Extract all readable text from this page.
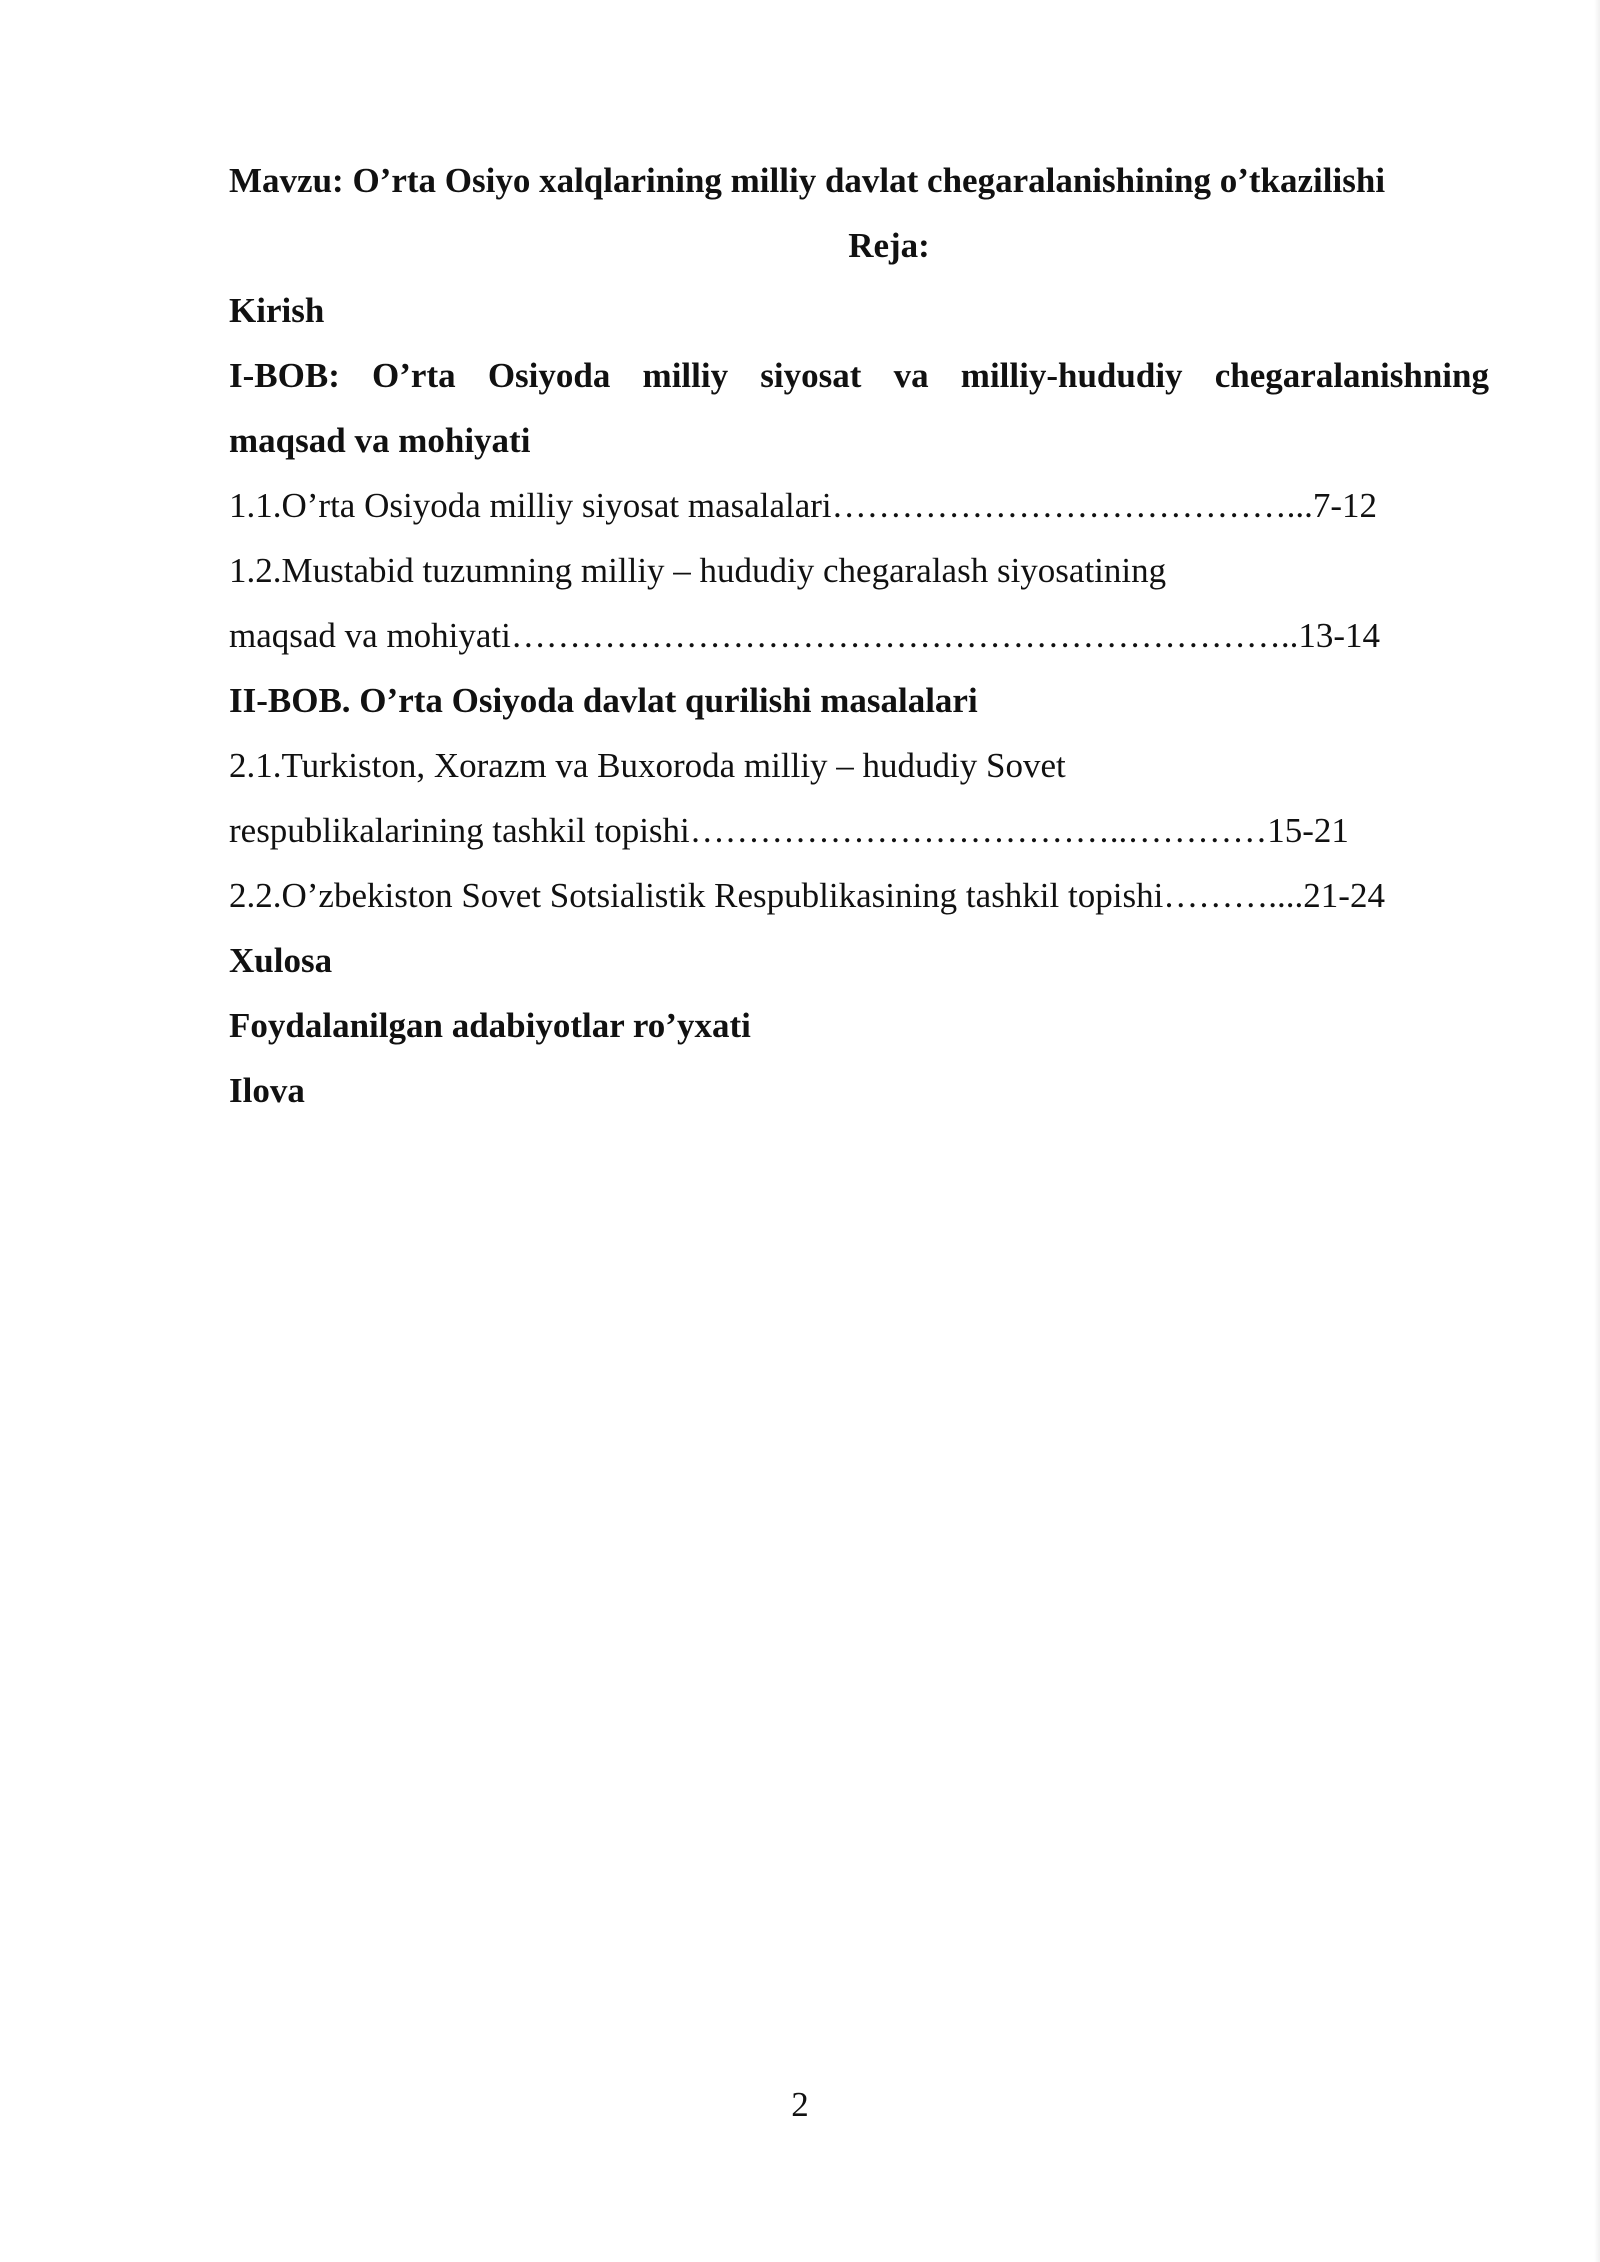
Mavzu: O’rta Osiyo xalqlarining milliy davlat chegaralanishining o’tkazilishi
Reja:
Kirish
I-BOB: O’rta Osiyoda milliy siyosat va milliy-hududiy chegaralanishning
maqsad va mohiyati
1.1.O’rta Osiyoda milliy siyosat masalalari…………………………………...7-12
1.2.Mustabid tuzumning milliy – hududiy chegaralash siyosatining
maqsad va mohiyati…………………………………………………………..13-14
II-BOB. O’rta Osiyoda davlat qurilishi masalalari
2.1.Turkiston, Xorazm va Buxoroda milliy – hududiy Sovet
respublikalarining tashkil topishi………………………………..…………15-21
2.2.O’zbekiston Sovet Sotsialistik Respublikasining tashkil topishi………....21-24
Xulosa
Foydalanilgan adabiyotlar ro’yxati
Ilova
2
